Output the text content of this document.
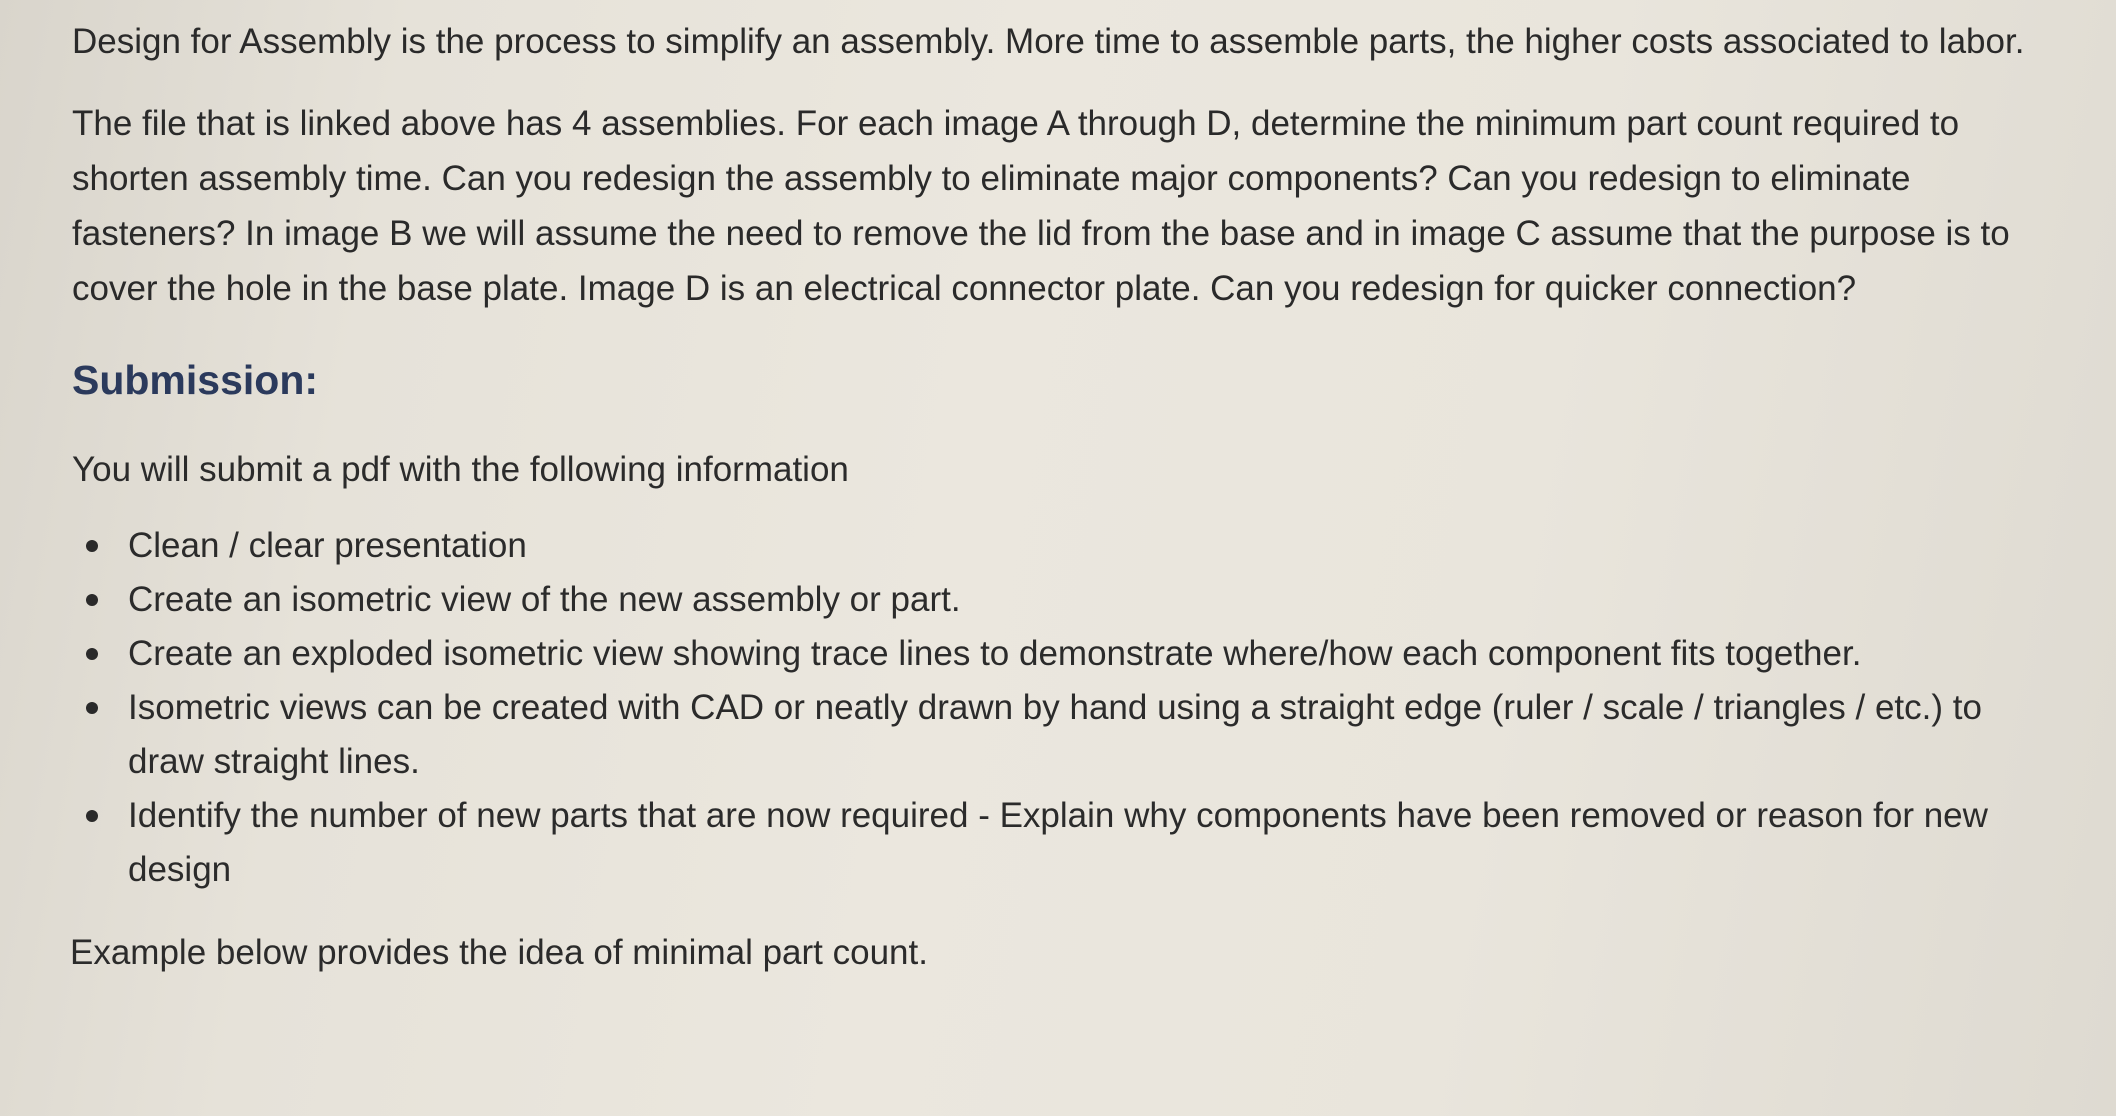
Design for Assembly is the process to simplify an assembly. More time to assemble parts, the higher costs associated to labor.

The file that is linked above has 4 assemblies. For each image A through D, determine the minimum part count required to shorten assembly time. Can you redesign the assembly to eliminate major components? Can you redesign to eliminate fasteners? In image B we will assume the need to remove the lid from the base and in image C assume that the purpose is to cover the hole in the base plate. Image D is an electrical connector plate. Can you redesign for quicker connection?

Submission:

You will submit a pdf with the following information

Clean / clear presentation
Create an isometric view of the new assembly or part.
Create an exploded isometric view showing trace lines to demonstrate where/how each component fits together.
Isometric views can be created with CAD or neatly drawn by hand using a straight edge (ruler / scale / triangles / etc.) to draw straight lines.
Identify the number of new parts that are now required - Explain why components have been removed or reason for new design

Example below provides the idea of minimal part count.
